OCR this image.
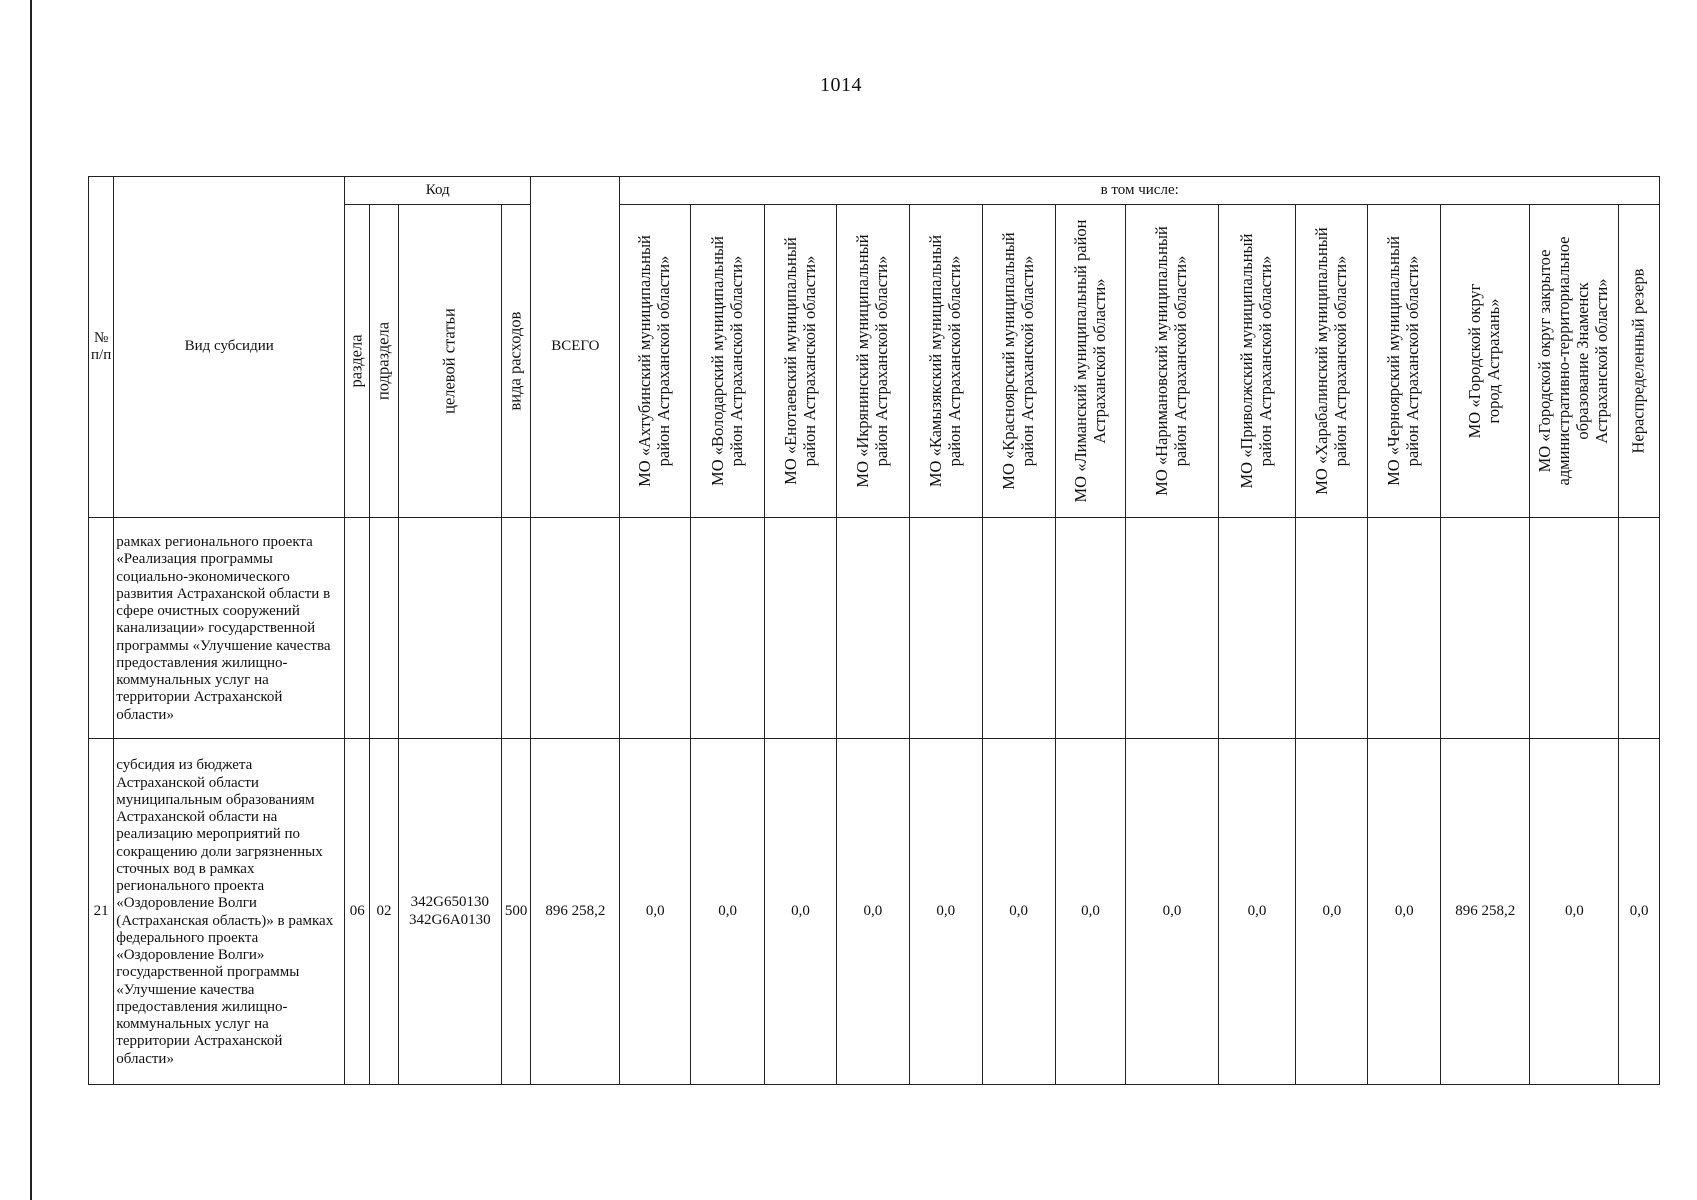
1014
№
п/п	Вид субсидии	Код				ВСЕГО	в том числе:													

		раздела	подраздела	целевой статьи	вида расходов		МО «Ахтубинский муниципальный
район Астраханской области»	МО «Володарский муниципальный
район Астраханской области»	МО «Енотаевский муниципальный
район Астраханской области»	МО «Икрянинский муниципальный
район Астраханской области»	МО «Камызякский муниципальный
район Астраханской области»	МО «Красноярский муниципальный
район Астраханской области»	МО «Лиманский муниципальный район
Астраханской области»	МО «Наримановский муниципальный
район Астраханской области»	МО «Приволжский муниципальный
район Астраханской области»	МО «Харабалинский муниципальный
район Астраханской области»	МО «Черноярский муниципальный
район Астраханской области»	МО «Городской округ
город Астрахань»	МО «Городской округ закрытое
административно-территориальное
образование Знаменск
Астраханской области»	Нераспределенный резерв

	рамках регионального проекта «Реализация программы социально-экономического развития Астраханской области в сфере очистных сооружений канализации» государственной программы «Улучшение качества предоставления жилищно-коммунальных услуг на территории Астраханской области»																			
21	субсидия из бюджета Астраханской области муниципальным образованиям Астраханской области на реализацию мероприятий по сокращению доли загрязненных сточных вод в рамках регионального проекта «Оздоровление Волги (Астраханская область)» в рамках федерального проекта «Оздоровление Волги» государственной программы «Улучшение качества предоставления жилищно-коммунальных услуг на территории Астраханской области»	06	02	342G650130
342G6A0130	500	896 258,2	0,0	0,0	0,0	0,0	0,0	0,0	0,0	0,0	0,0	0,0	0,0	896 258,2	0,0	0,0
